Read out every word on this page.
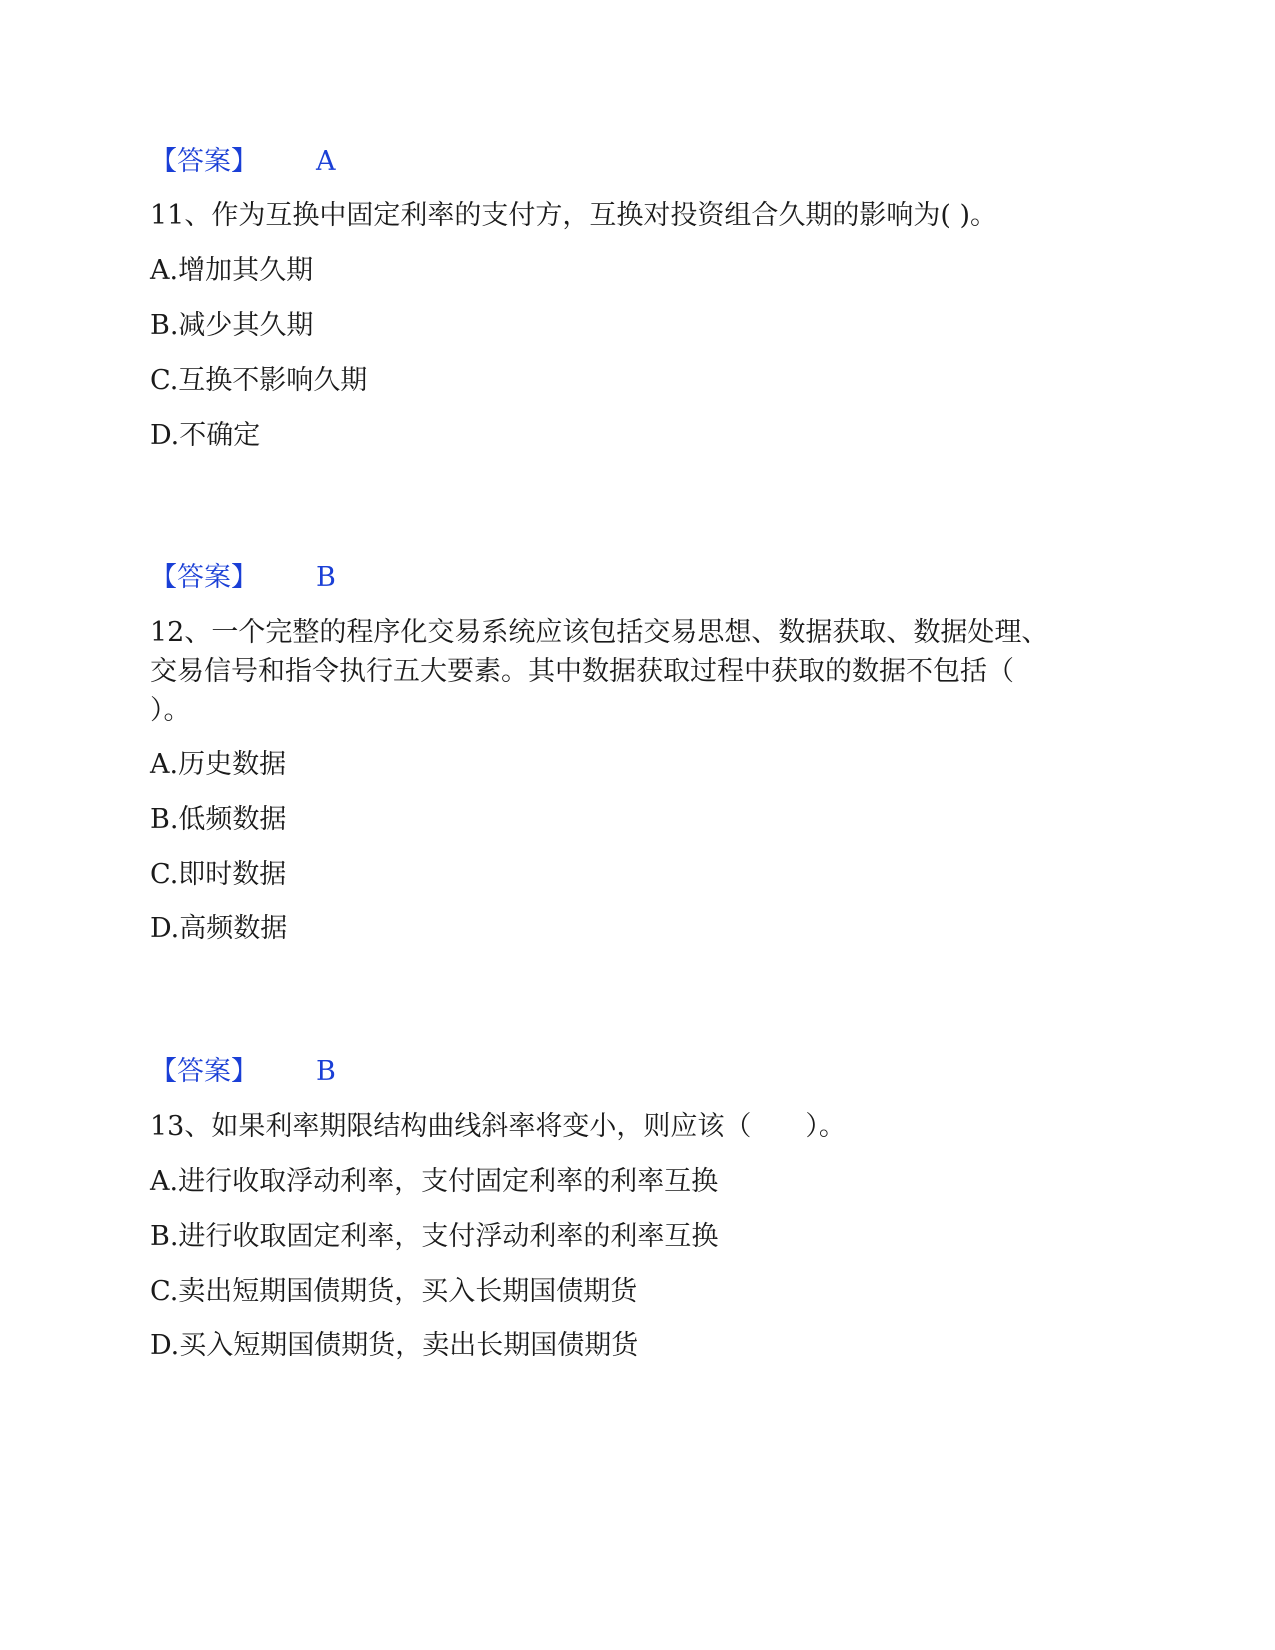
【答案】 A
11、作为互换中固定利率的支付方，互换对投资组合久期的影响为( )。
A.增加其久期
B.减少其久期
C.互换不影响久期
D.不确定
【答案】 B
12、一个完整的程序化交易系统应该包括交易思想、数据获取、数据处理、
交易信号和指令执行五大要素。其中数据获取过程中获取的数据不包括（
）。
A.历史数据
B.低频数据
C.即时数据
D.高频数据
【答案】 B
13、如果利率期限结构曲线斜率将变小，则应该（　　）。
A.进行收取浮动利率，支付固定利率的利率互换
B.进行收取固定利率，支付浮动利率的利率互换
C.卖出短期国债期货，买入长期国债期货
D.买入短期国债期货，卖出长期国债期货
